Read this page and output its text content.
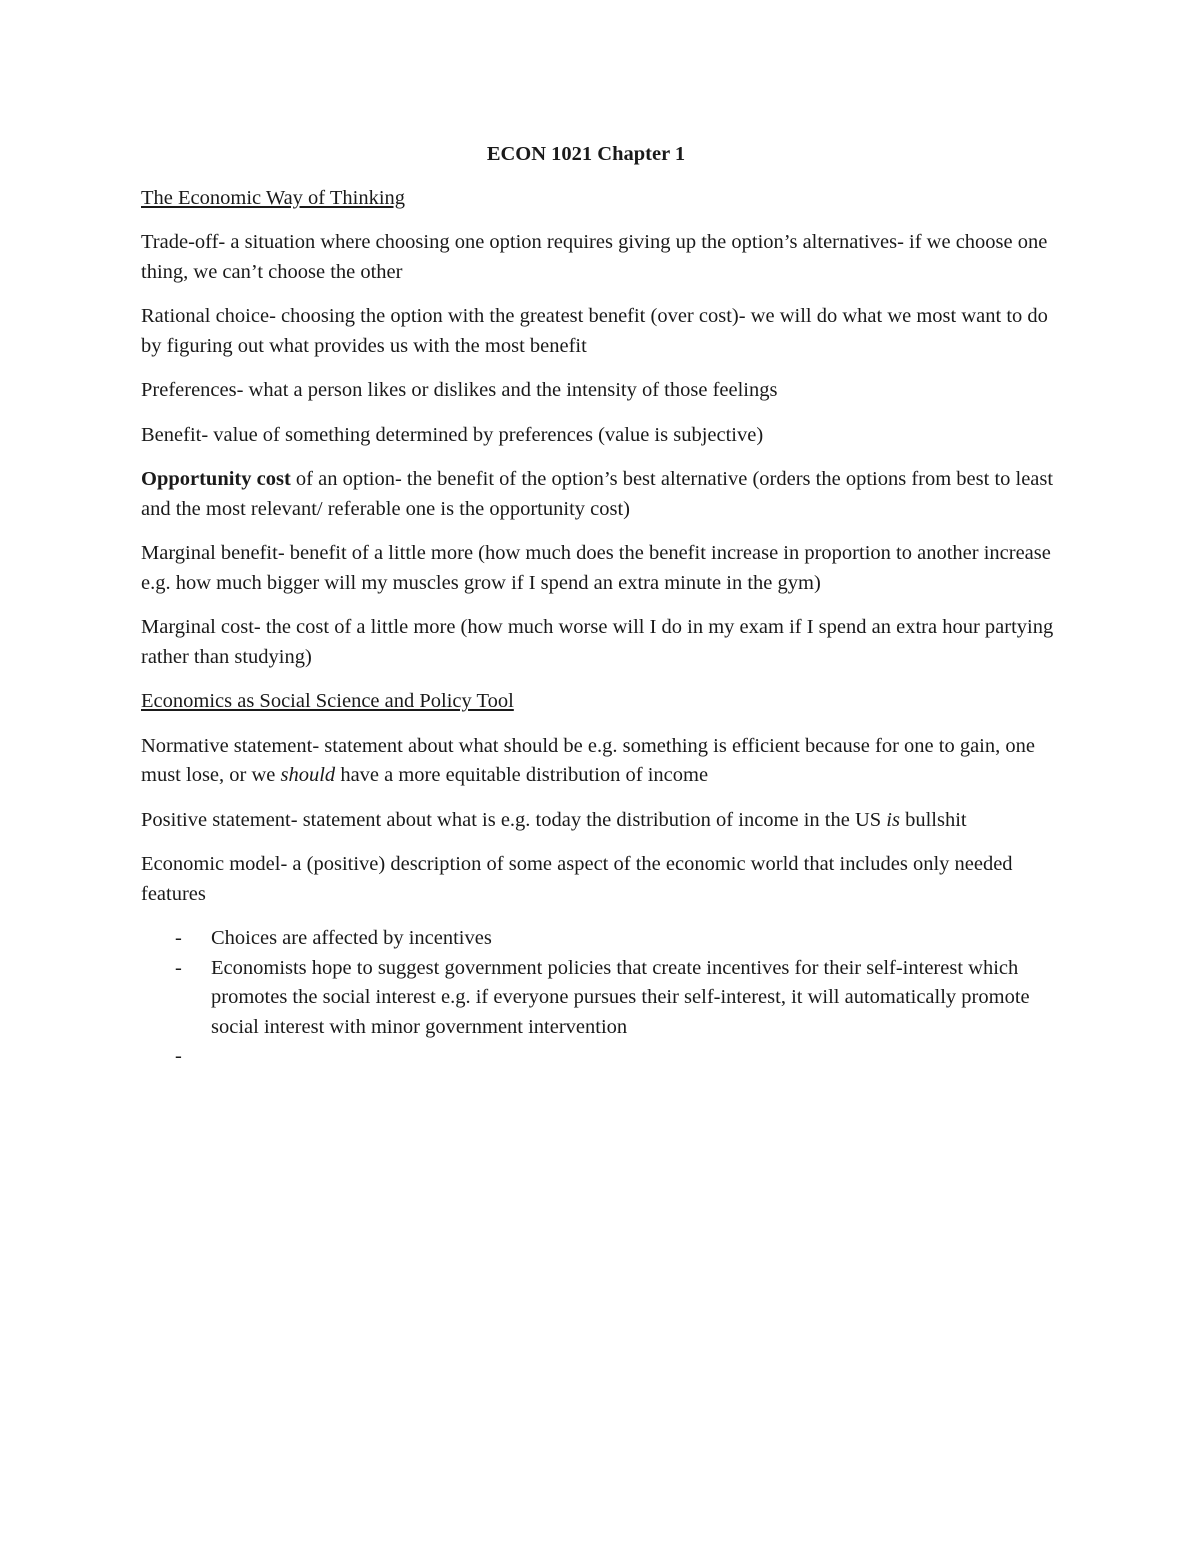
ECON 1021 Chapter 1
The Economic Way of Thinking
Trade-off- a situation where choosing one option requires giving up the option’s alternatives- if we choose one thing, we can’t choose the other
Rational choice- choosing the option with the greatest benefit (over cost)- we will do what we most want to do by figuring out what provides us with the most benefit
Preferences- what a person likes or dislikes and the intensity of those feelings
Benefit- value of something determined by preferences (value is subjective)
Opportunity cost of an option- the benefit of the option’s best alternative (orders the options from best to least and the most relevant/ referable one is the opportunity cost)
Marginal benefit- benefit of a little more (how much does the benefit increase in proportion to another increase e.g. how much bigger will my muscles grow if I spend an extra minute in the gym)
Marginal cost- the cost of a little more (how much worse will I do in my exam if I spend an extra hour partying rather than studying)
Economics as Social Science and Policy Tool
Normative statement- statement about what should be e.g. something is efficient because for one to gain, one must lose, or we should have a more equitable distribution of income
Positive statement- statement about what is e.g. today the distribution of income in the US is bullshit
Economic model- a (positive) description of some aspect of the economic world that includes only needed features
- Choices are affected by incentives
- Economists hope to suggest government policies that create incentives for their self-interest which promotes the social interest e.g. if everyone pursues their self-interest, it will automatically promote social interest with minor government intervention
-
